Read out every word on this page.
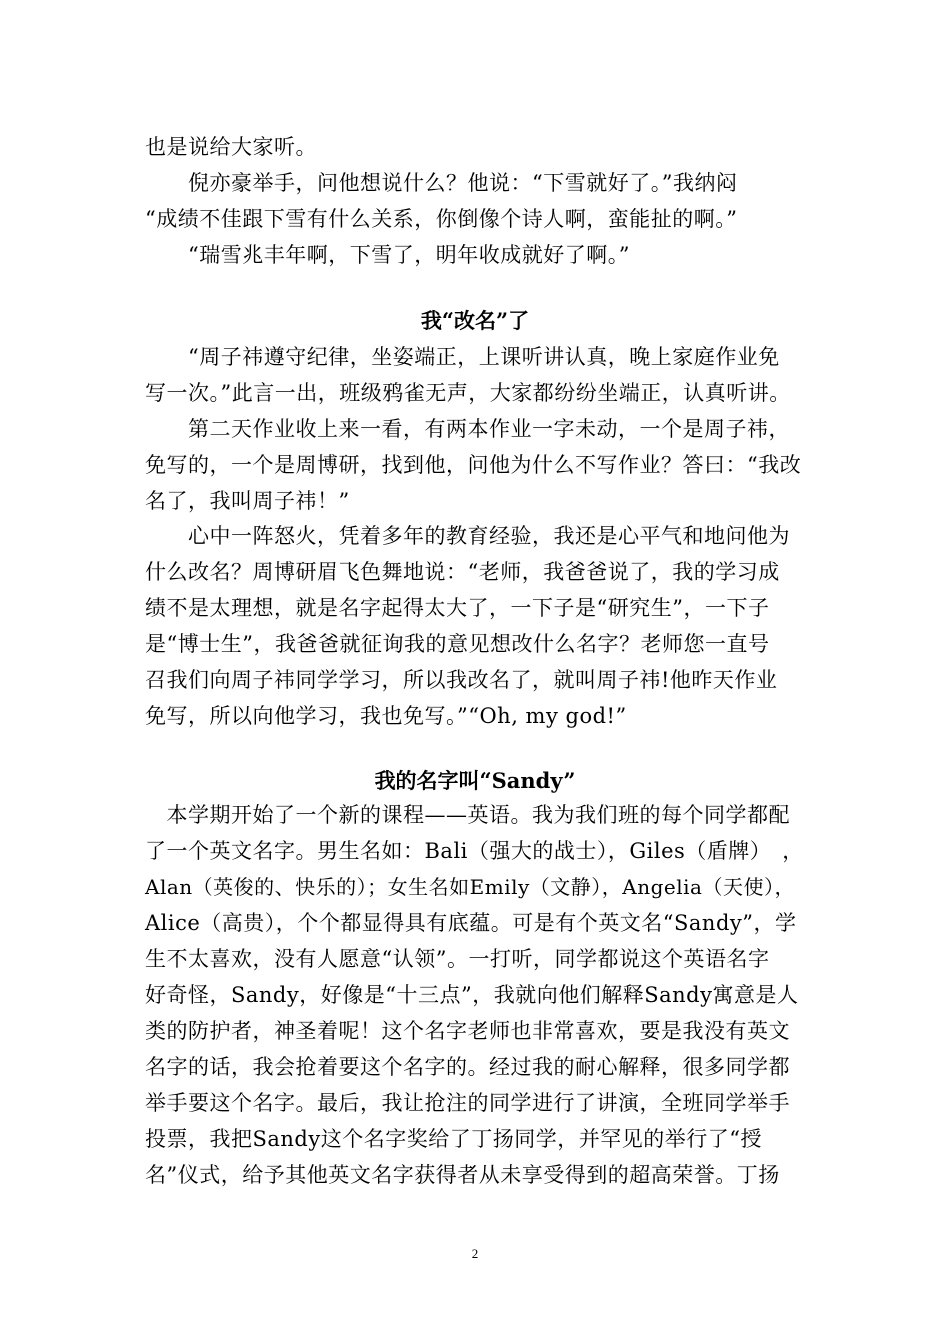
也是说给大家听。
　　倪亦豪举手，问他想说什么？他说：“下雪就好了。”我纳闷
“成绩不佳跟下雪有什么关系，你倒像个诗人啊，蛮能扯的啊。”
　　“瑞雪兆丰年啊，下雪了，明年收成就好了啊。”
我“改名”了
　　“周子祎遵守纪律，坐姿端正，上课听讲认真，晚上家庭作业免
写一次。”此言一出，班级鸦雀无声，大家都纷纷坐端正，认真听讲。
　　第二天作业收上来一看，有两本作业一字未动，一个是周子祎，
免写的，一个是周博研，找到他，问他为什么不写作业？答曰：“我改
名了，我叫周子祎！”
　　心中一阵怒火，凭着多年的教育经验，我还是心平气和地问他为
什么改名？周博研眉飞色舞地说：“老师，我爸爸说了，我的学习成
绩不是太理想，就是名字起得太大了，一下子是“研究生”，一下子
是“博士生”，我爸爸就征询我的意见想改什么名字？老师您一直号
召我们向周子祎同学学习，所以我改名了，就叫周子祎!他昨天作业
免写，所以向他学习，我也免写。”“Oh, my god!”
我的名字叫“Sandy”
　本学期开始了一个新的课程——英语。我为我们班的每个同学都配
了一个英文名字。男生名如：Bali（强大的战士），Giles（盾牌）　，
Alan（英俊的、快乐的）；女生名如Emily（文静），Angelia（天使），
Alice（高贵），个个都显得具有底蕴。可是有个英文名“Sandy”，学
生不太喜欢，没有人愿意“认领”。一打听，同学都说这个英语名字
好奇怪，Sandy，好像是“十三点”，我就向他们解释Sandy寓意是人
类的防护者，神圣着呢！这个名字老师也非常喜欢，要是我没有英文
名字的话，我会抢着要这个名字的。经过我的耐心解释，很多同学都
举手要这个名字。最后，我让抢注的同学进行了讲演，全班同学举手
投票，我把Sandy这个名字奖给了丁扬同学，并罕见的举行了“授
名”仪式，给予其他英文名字获得者从未享受得到的超高荣誉。丁扬
2
